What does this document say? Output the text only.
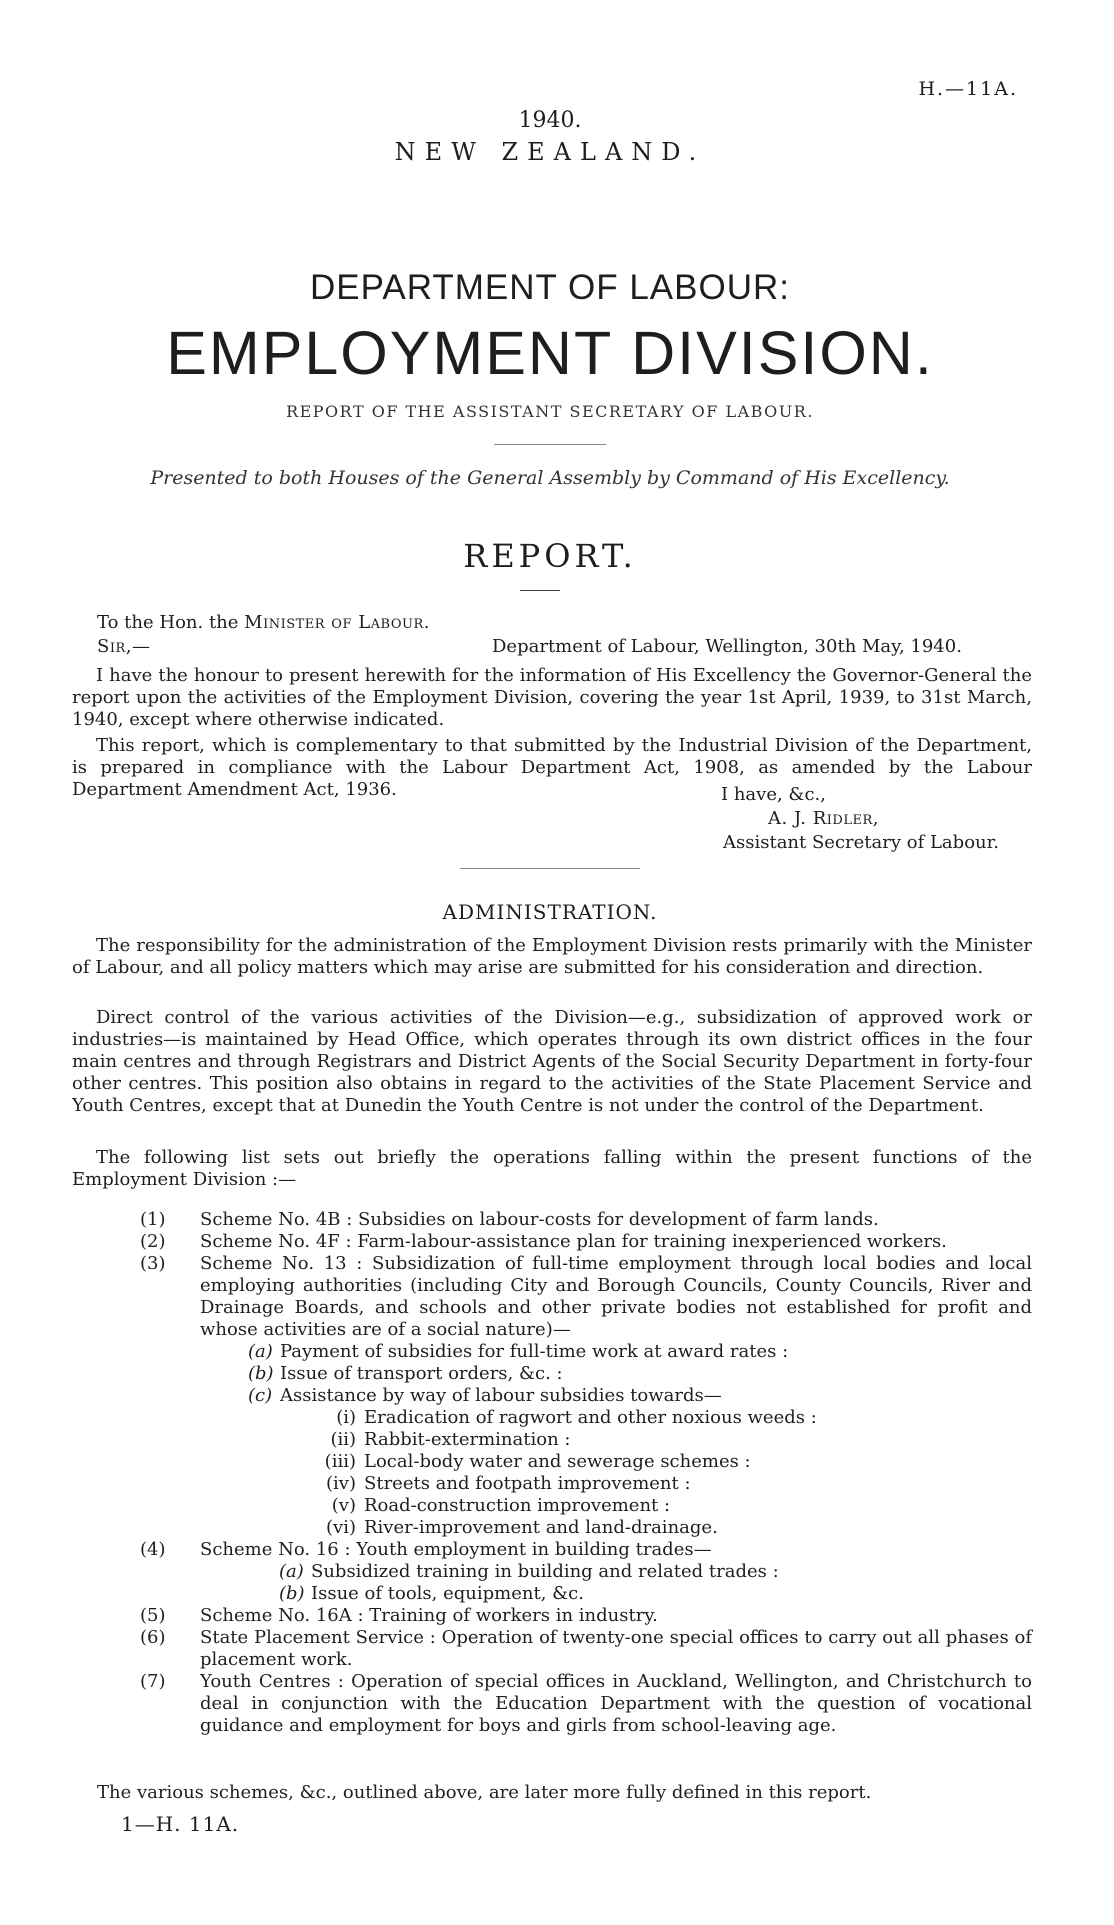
H.—11A.
1940.
NEW ZEALAND.
DEPARTMENT OF LABOUR:
EMPLOYMENT DIVISION.
REPORT OF THE ASSISTANT SECRETARY OF LABOUR.
Presented to both Houses of the General Assembly by Command of His Excellency.
REPORT.
To the Hon. the Minister of Labour.
Sir,—	Department of Labour, Wellington, 30th May, 1940.
I have the honour to present herewith for the information of His Excellency the Governor-General the report upon the activities of the Employment Division, covering the year 1st April, 1939, to 31st March, 1940, except where otherwise indicated.
This report, which is complementary to that submitted by the Industrial Division of the Department, is prepared in compliance with the Labour Department Act, 1908, as amended by the Labour Department Amendment Act, 1936.	I have, &c.,
A. J. Ridler,
Assistant Secretary of Labour.
ADMINISTRATION.
The responsibility for the administration of the Employment Division rests primarily with the Minister of Labour, and all policy matters which may arise are submitted for his consideration and direction.
Direct control of the various activities of the Division—e.g., subsidization of approved work or industries—is maintained by Head Office, which operates through its own district offices in the four main centres and through Registrars and District Agents of the Social Security Department in forty-four other centres. This position also obtains in regard to the activities of the State Placement Service and Youth Centres, except that at Dunedin the Youth Centre is not under the control of the Department.
The following list sets out briefly the operations falling within the present functions of the Employment Division :—
(1) Scheme No. 4B : Subsidies on labour-costs for development of farm lands.
(2) Scheme No. 4F : Farm-labour-assistance plan for training inexperienced workers.
(3) Scheme No. 13 : Subsidization of full-time employment through local bodies and local employing authorities (including City and Borough Councils, County Councils, River and Drainage Boards, and schools and other private bodies not established for profit and whose activities are of a social nature)—
(a) Payment of subsidies for full-time work at award rates :
(b) Issue of transport orders, &c. :
(c) Assistance by way of labour subsidies towards—
(i) Eradication of ragwort and other noxious weeds :
(ii) Rabbit-extermination :
(iii) Local-body water and sewerage schemes :
(iv) Streets and footpath improvement :
(v) Road-construction improvement :
(vi) River-improvement and land-drainage.
(4) Scheme No. 16 : Youth employment in building trades—
(a) Subsidized training in building and related trades :
(b) Issue of tools, equipment, &c.
(5) Scheme No. 16A : Training of workers in industry.
(6) State Placement Service : Operation of twenty-one special offices to carry out all phases of placement work.
(7) Youth Centres : Operation of special offices in Auckland, Wellington, and Christchurch to deal in conjunction with the Education Department with the question of vocational guidance and employment for boys and girls from school-leaving age.
The various schemes, &c., outlined above, are later more fully defined in this report.
1—H. 11A.
